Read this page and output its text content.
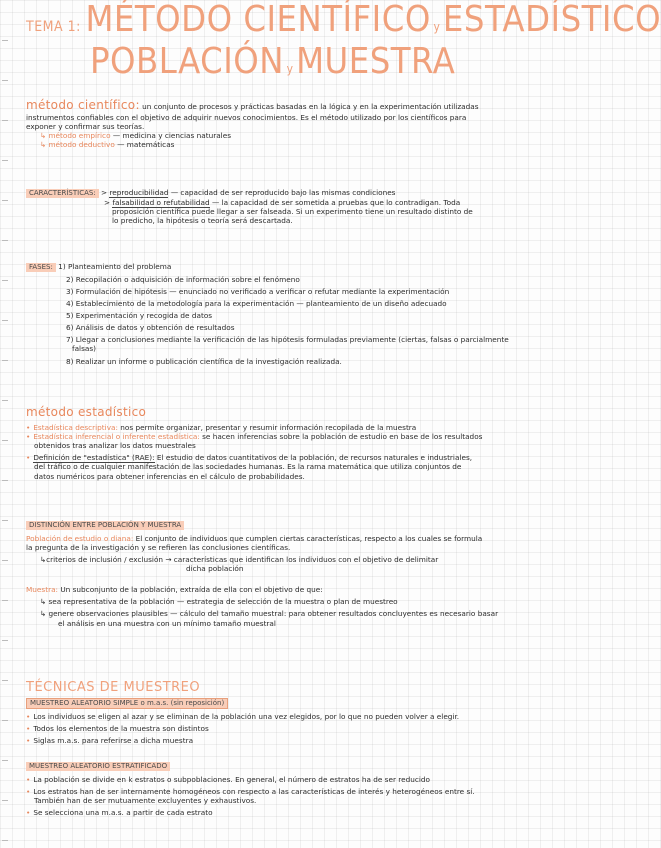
TEMA 1: MÉTODO CIENTÍFICO y ESTADÍSTICO
POBLACIÓN y MUESTRA
método científico: un conjunto de procesos y prácticas basadas en la lógica y en la experimentación utilizadas
instrumentos confiables con el objetivo de adquirir nuevos conocimientos. Es el método utilizado por los científicos para
exponer y confirmar sus teorías.
↳ método empírico — medicina y ciencias naturales
↳ método deductivo — matemáticas
CARACTERÍSTICAS: > reproducibilidad — capacidad de ser reproducido bajo las mismas condiciones
> falsabilidad o refutabilidad — la capacidad de ser sometida a pruebas que lo contradigan. Toda
proposición científica puede llegar a ser falseada. Si un experimento tiene un resultado distinto de
lo predicho, la hipótesis o teoría será descartada.
FASES: 1) Planteamiento del problema
2) Recopilación o adquisición de información sobre el fenómeno
3) Formulación de hipótesis — enunciado no verificado a verificar o refutar mediante la experimentación
4) Establecimiento de la metodología para la experimentación — planteamiento de un diseño adecuado
5) Experimentación y recogida de datos
6) Análisis de datos y obtención de resultados
7) Llegar a conclusiones mediante la verificación de las hipótesis formuladas previamente (ciertas, falsas o parcialmente
falsas)
8) Realizar un informe o publicación científica de la investigación realizada.
método estadístico
• Estadística descriptiva: nos permite organizar, presentar y resumir información recopilada de la muestra
• Estadística inferencial o inferente estadística: se hacen inferencias sobre la población de estudio en base de los resultados
obtenidos tras analizar los datos muestrales
• Definición de "estadística" (RAE): El estudio de datos cuantitativos de la población, de recursos naturales e industriales,
del tráfico o de cualquier manifestación de las sociedades humanas. Es la rama matemática que utiliza conjuntos de
datos numéricos para obtener inferencias en el cálculo de probabilidades.
DISTINCIÓN ENTRE POBLACIÓN Y MUESTRA
Población de estudio o diana: El conjunto de individuos que cumplen ciertas características, respecto a los cuales se formula
la pregunta de la investigación y se refieren las conclusiones científicas.
↳criterios de inclusión / exclusión → características que identifican los individuos con el objetivo de delimitar
dicha población
Muestra: Un subconjunto de la población, extraída de ella con el objetivo de que:
↳ sea representativa de la población — estrategia de selección de la muestra o plan de muestreo
↳ genere observaciones plausibles — cálculo del tamaño muestral: para obtener resultados concluyentes es necesario basar
el análisis en una muestra con un mínimo tamaño muestral
TÉCNICAS DE MUESTREO
MUESTREO ALEATORIO SIMPLE o m.a.s. (sin reposición)
• Los individuos se eligen al azar y se eliminan de la población una vez elegidos, por lo que no pueden volver a elegir.
• Todos los elementos de la muestra son distintos
• Siglas m.a.s. para referirse a dicha muestra
MUESTREO ALEATORIO ESTRATIFICADO
• La población se divide en k estratos o subpoblaciones. En general, el número de estratos ha de ser reducido
• Los estratos han de ser internamente homogéneos con respecto a las características de interés y heterogéneos entre sí.
También han de ser mutuamente excluyentes y exhaustivos.
• Se selecciona una m.a.s. a partir de cada estrato
